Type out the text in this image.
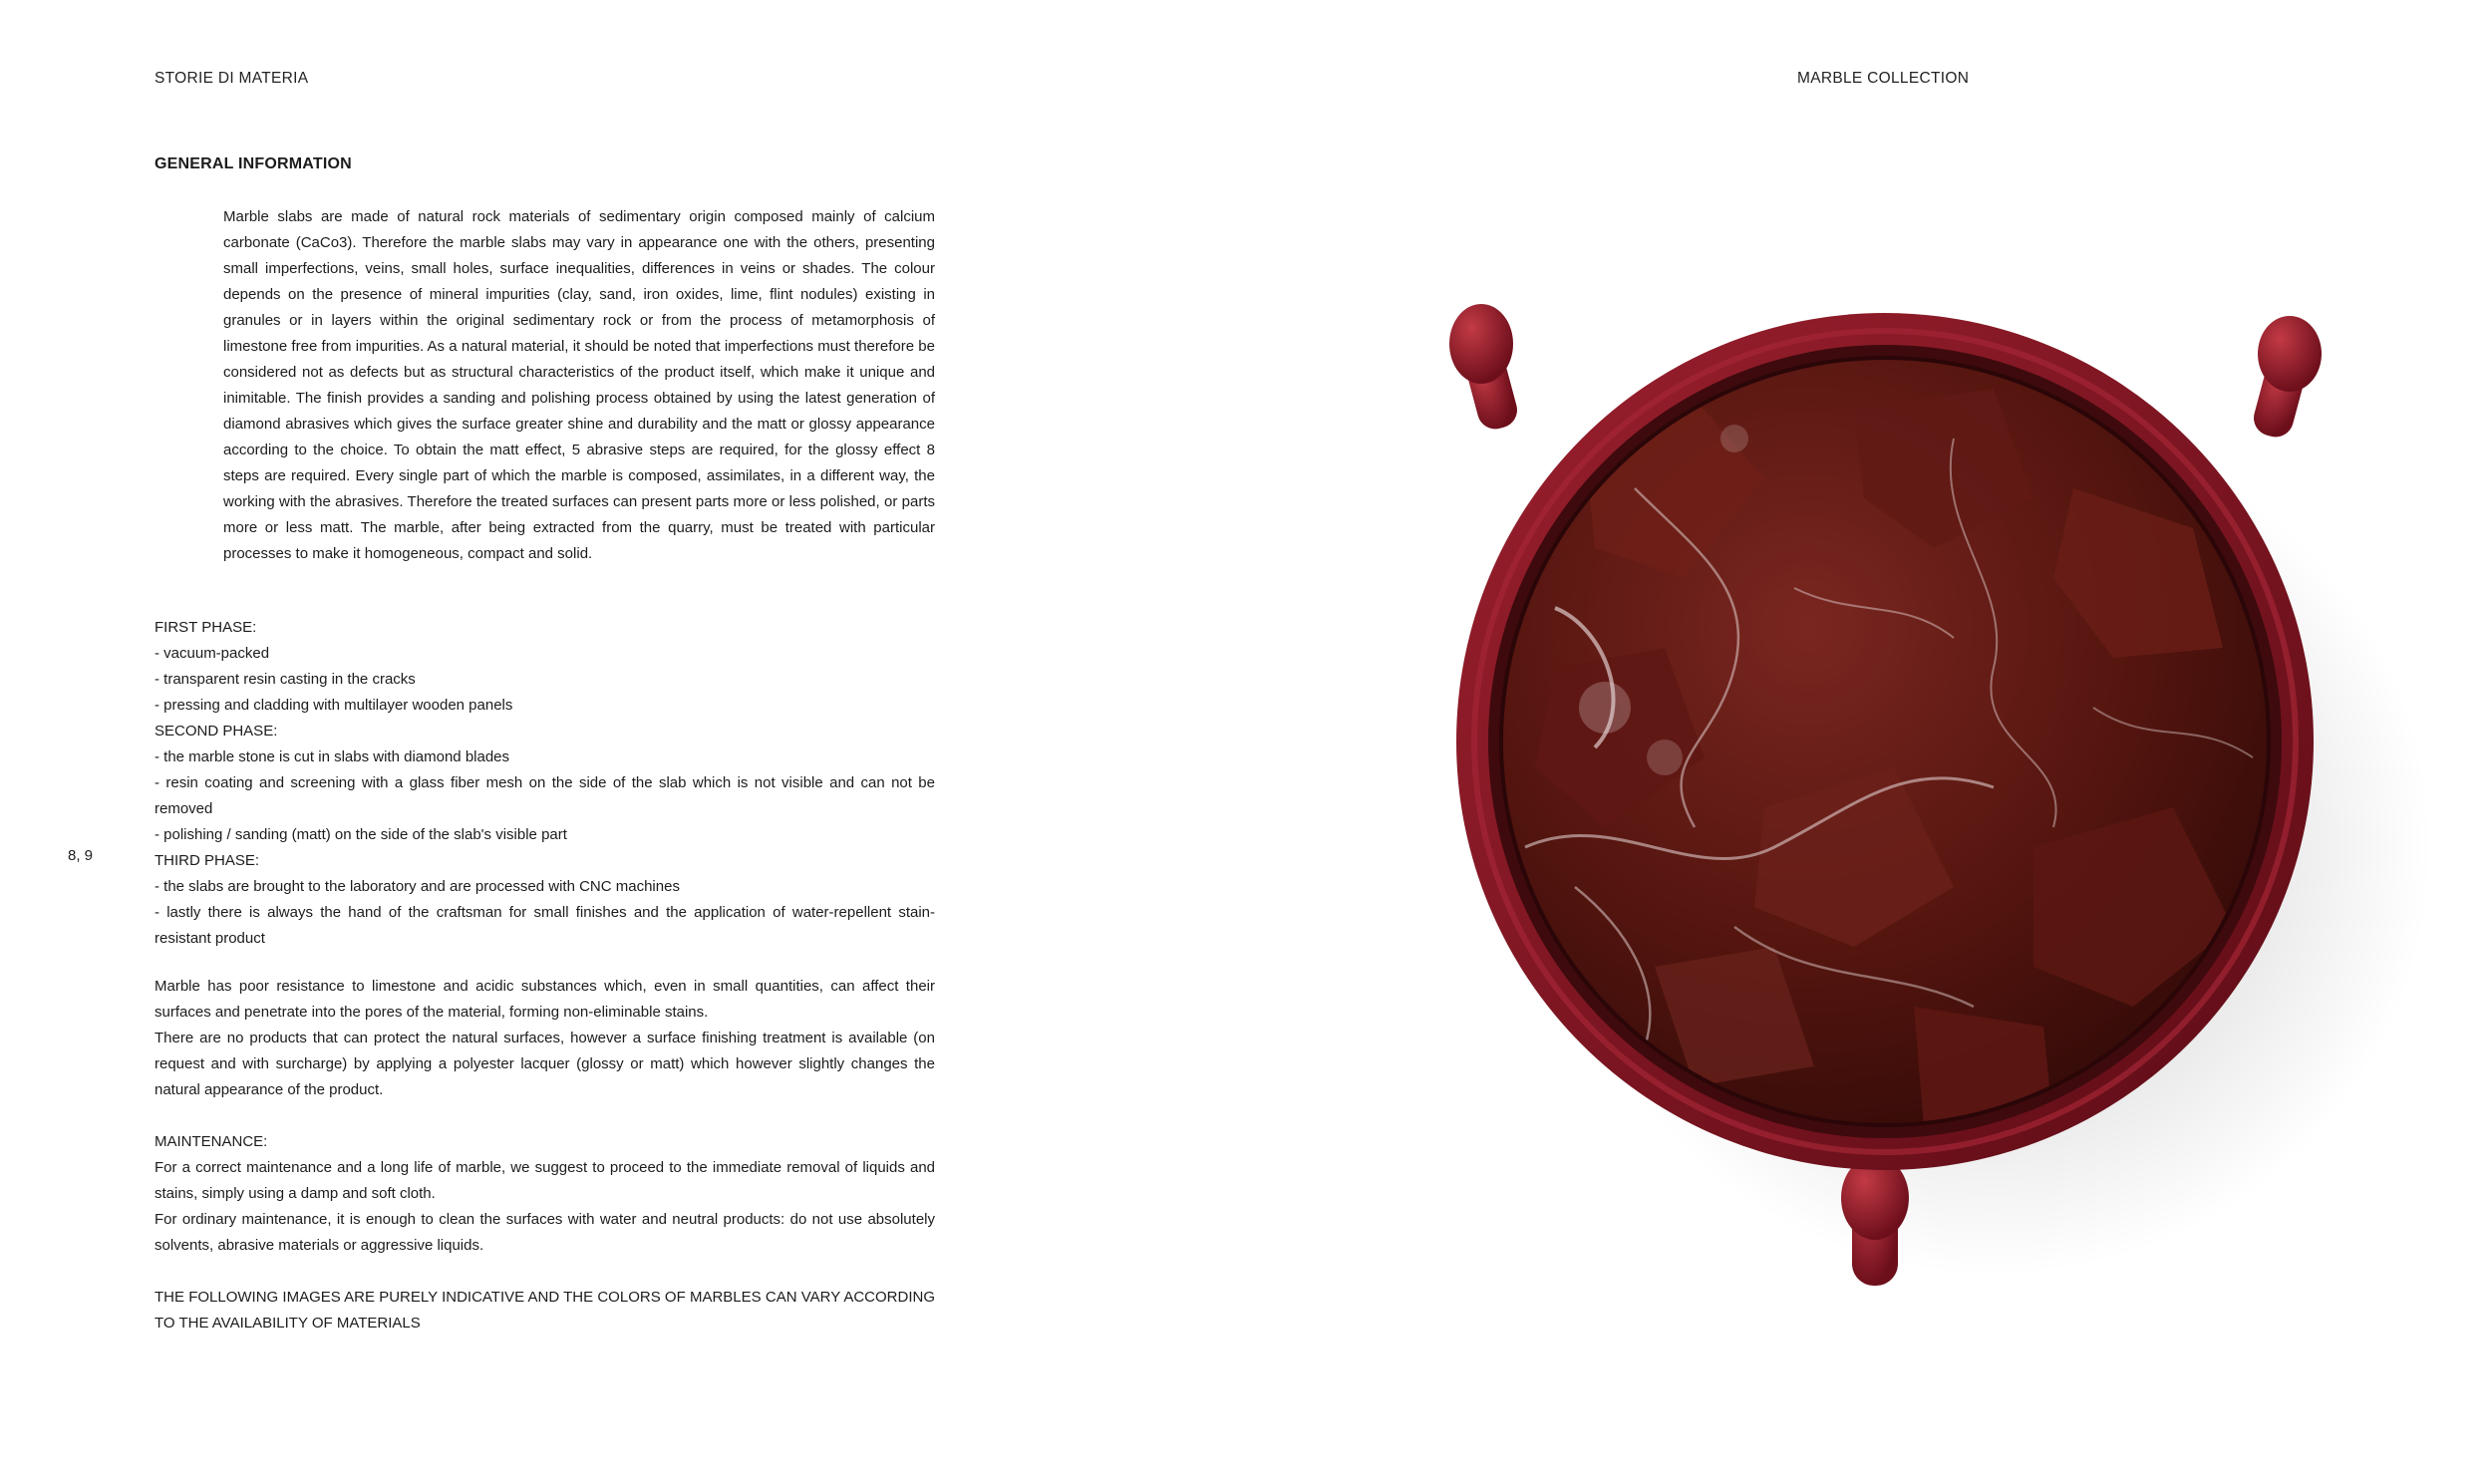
STORIE DI MATERIA	MARBLE COLLECTION
GENERAL INFORMATION

Marble slabs are made of natural rock materials of sedimentary origin composed mainly of calcium carbonate (CaCo3). Therefore the marble slabs may vary in appearance one with the others, presenting small imperfections, veins, small holes, surface inequalities, differences in veins or shades. The colour depends on the presence of mineral impurities (clay, sand, iron oxides, lime, flint nodules) existing in granules or in layers within the original sedimentary rock or from the process of metamorphosis of limestone free from impurities. As a natural material, it should be noted that imperfections must therefore be considered not as defects but as structural characteristics of the product itself, which make it unique and inimitable. The finish provides a sanding and polishing process obtained by using the latest generation of diamond abrasives which gives the surface greater shine and durability and the matt or glossy appearance according to the choice. To obtain the matt effect, 5 abrasive steps are required, for the glossy effect 8 steps are required. Every single part of which the marble is composed, assimilates, in a different way, the working with the abrasives. Therefore the treated surfaces can present parts more or less polished, or parts more or less matt. The marble, after being extracted from the quarry, must be treated with particular processes to make it homogeneous, compact and solid.

FIRST PHASE:

- vacuum-packed

- transparent resin casting in the cracks

- pressing and cladding with multilayer wooden panels

SECOND PHASE:

- the marble stone is cut in slabs with diamond blades

- resin coating and screening with a glass fiber mesh on the side of the slab which is not visible and can not be removed

- polishing / sanding (matt) on the side of the slab's visible part

THIRD PHASE:

- the slabs are brought to the laboratory and are processed with CNC machines

- lastly there is always the hand of the craftsman for small finishes and the application of water-repellent stain-resistant product

8, 9

Marble has poor resistance to limestone and acidic substances which, even in small quantities, can affect their surfaces and penetrate into the pores of the material, forming non-eliminable stains.

There are no products that can protect the natural surfaces, however a surface finishing treatment is available (on request and with surcharge) by applying a polyester lacquer (glossy or matt) which however slightly changes the natural appearance of the product.

MAINTENANCE:

For a correct maintenance and a long life of marble, we suggest to proceed to the immediate removal of liquids and stains, simply using a damp and soft cloth.

For ordinary maintenance, it is enough to clean the surfaces with water and neutral products: do not use absolutely solvents, abrasive materials or aggressive liquids.

THE FOLLOWING IMAGES ARE PURELY INDICATIVE AND THE COLORS OF MARBLES CAN VARY ACCORDING TO THE AVAILABILITY OF MATERIALS
